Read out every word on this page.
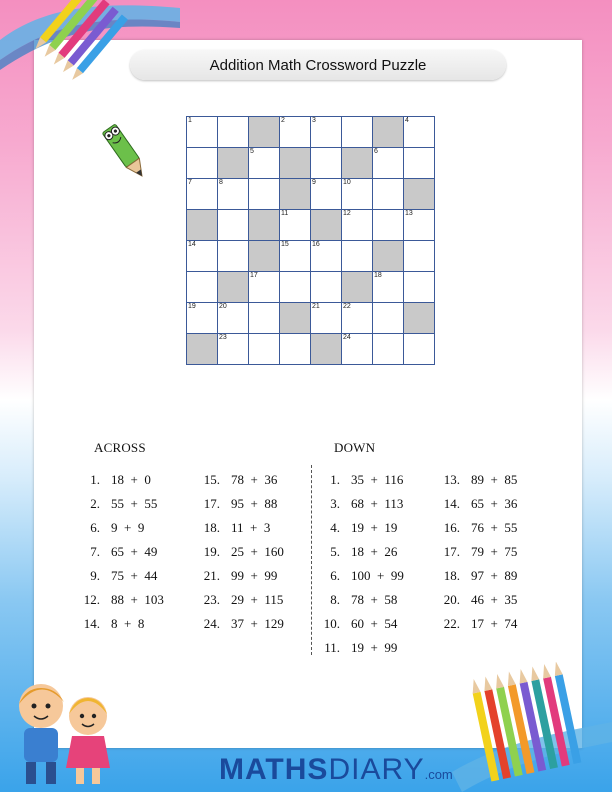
Addition Math Crossword Puzzle
1	2	3	4
5	6
7	8	9	10
11	12	13
14	15	16
17	18
19	20	21	22
23	24
ACROSS	DOWN
1. 18  +  0
2. 55  +  55
6. 9  +  9
7. 65  +  49
9. 75  +  44
12. 88  +  103
14. 8  +  8
15. 78  +  36
17. 95  +  88
18. 11  +  3
19. 25  +  160
21. 99  +  99
23. 29  +  115
24. 37  +  129
1. 35  +  116
3. 68  +  113
4. 19  +  19
5. 18  +  26
6. 100  +  99
8. 78  +  58
10. 60  +  54
11. 19  +  99
13. 89  +  85
14. 65  +  36
16. 76  +  55
17. 79  +  75
18. 97  +  89
20. 46  +  35
22. 17  +  74
MATHS DIARY .com
